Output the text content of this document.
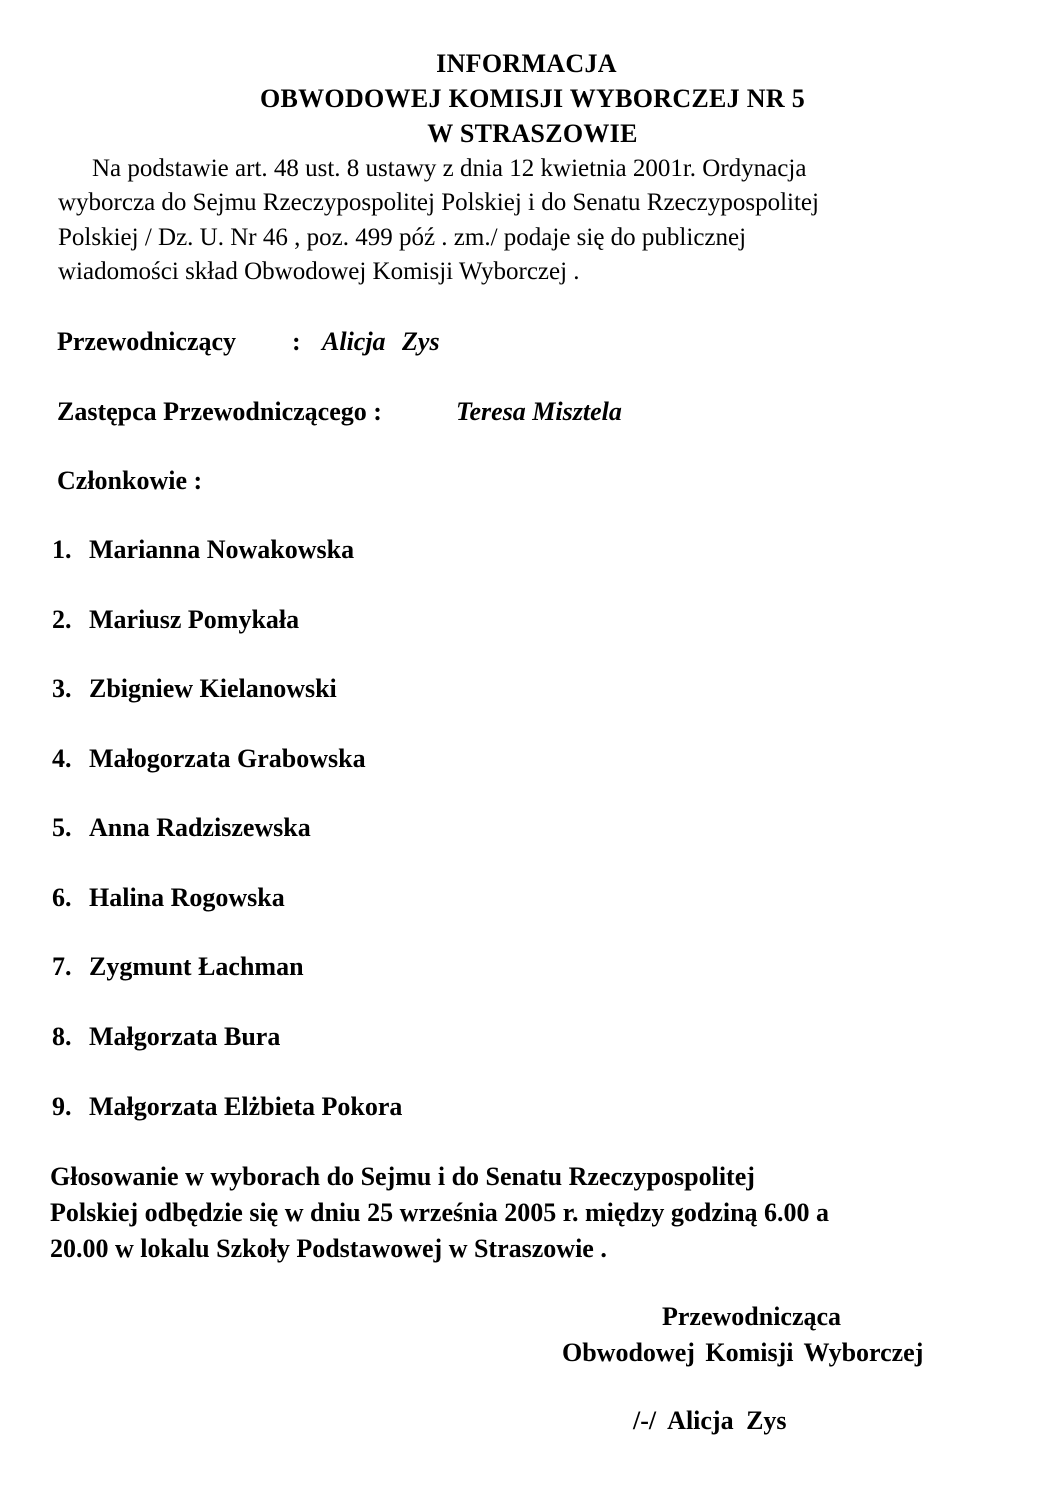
INFORMACJA
OBWODOWEJ KOMISJI WYBORCZEJ NR 5
W STRASZOWIE
Na podstawie art. 48 ust. 8 ustawy z dnia 12 kwietnia 2001r. Ordynacja
wyborcza do Sejmu Rzeczypospolitej Polskiej i do Senatu Rzeczypospolitej
Polskiej / Dz. U. Nr 46 , poz. 499 póź . zm./ podaje się do publicznej
wiadomości skład Obwodowej Komisji Wyborczej .
Przewodniczący : Alicja Zys
Zastępca Przewodniczącego :	Teresa Misztela
Członkowie :
1. Marianna Nowakowska
2. Mariusz Pomykała
3. Zbigniew Kielanowski
4. Małogorzata Grabowska
5. Anna Radziszewska
6. Halina Rogowska
7. Zygmunt Łachman
8. Małgorzata Bura
9. Małgorzata Elżbieta Pokora
Głosowanie w wyborach do Sejmu i do Senatu Rzeczypospolitej
Polskiej odbędzie się w dniu 25 września 2005 r. między godziną 6.00 a
20.00 w lokalu Szkoły Podstawowej w Straszowie .
Przewodnicząca
Obwodowej Komisji Wyborczej
/-/ Alicja Zys
